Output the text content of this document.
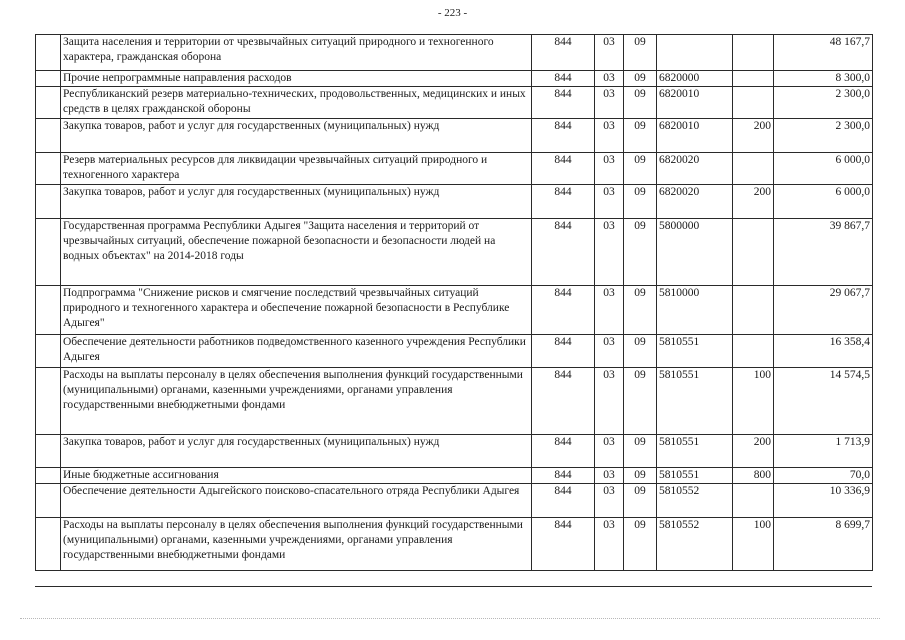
- 223 -
	Защита населения и территории от чрезвычайных ситуаций природного и техногенного характера, гражданская оборона	844	03	09			48 167,7
	Прочие непрограммные направления расходов	844	03	09	6820000		8 300,0
	Республиканский резерв материально-технических, продовольственных, медицинских и иных средств в целях гражданской обороны	844	03	09	6820010		2 300,0
	Закупка товаров, работ и услуг для государственных (муниципальных) нужд	844	03	09	6820010	200	2 300,0
	Резерв материальных ресурсов для ликвидации чрезвычайных ситуаций природного и техногенного характера	844	03	09	6820020		6 000,0
	Закупка товаров, работ и услуг для государственных (муниципальных) нужд	844	03	09	6820020	200	6 000,0
	Государственная программа Республики Адыгея "Защита населения и территорий от чрезвычайных ситуаций, обеспечение пожарной безопасности и безопасности людей на водных объектах" на 2014-2018 годы	844	03	09	5800000		39 867,7
	Подпрограмма "Снижение рисков и смягчение последствий чрезвычайных ситуаций природного и техногенного характера и обеспечение пожарной безопасности в Республике Адыгея"	844	03	09	5810000		29 067,7
	Обеспечение деятельности работников подведомственного казенного учреждения Республики Адыгея	844	03	09	5810551		16 358,4
	Расходы на выплаты персоналу в целях обеспечения выполнения функций государственными (муниципальными) органами, казенными учреждениями, органами управления государственными внебюджетными фондами	844	03	09	5810551	100	14 574,5
	Закупка товаров, работ и услуг для государственных (муниципальных) нужд	844	03	09	5810551	200	1 713,9
	Иные бюджетные ассигнования	844	03	09	5810551	800	70,0
	Обеспечение деятельности Адыгейского поисково-спасательного отряда Республики Адыгея	844	03	09	5810552		10 336,9
	Расходы на выплаты персоналу в целях обеспечения выполнения функций государственными (муниципальными) органами, казенными учреждениями, органами управления государственными внебюджетными фондами	844	03	09	5810552	100	8 699,7
